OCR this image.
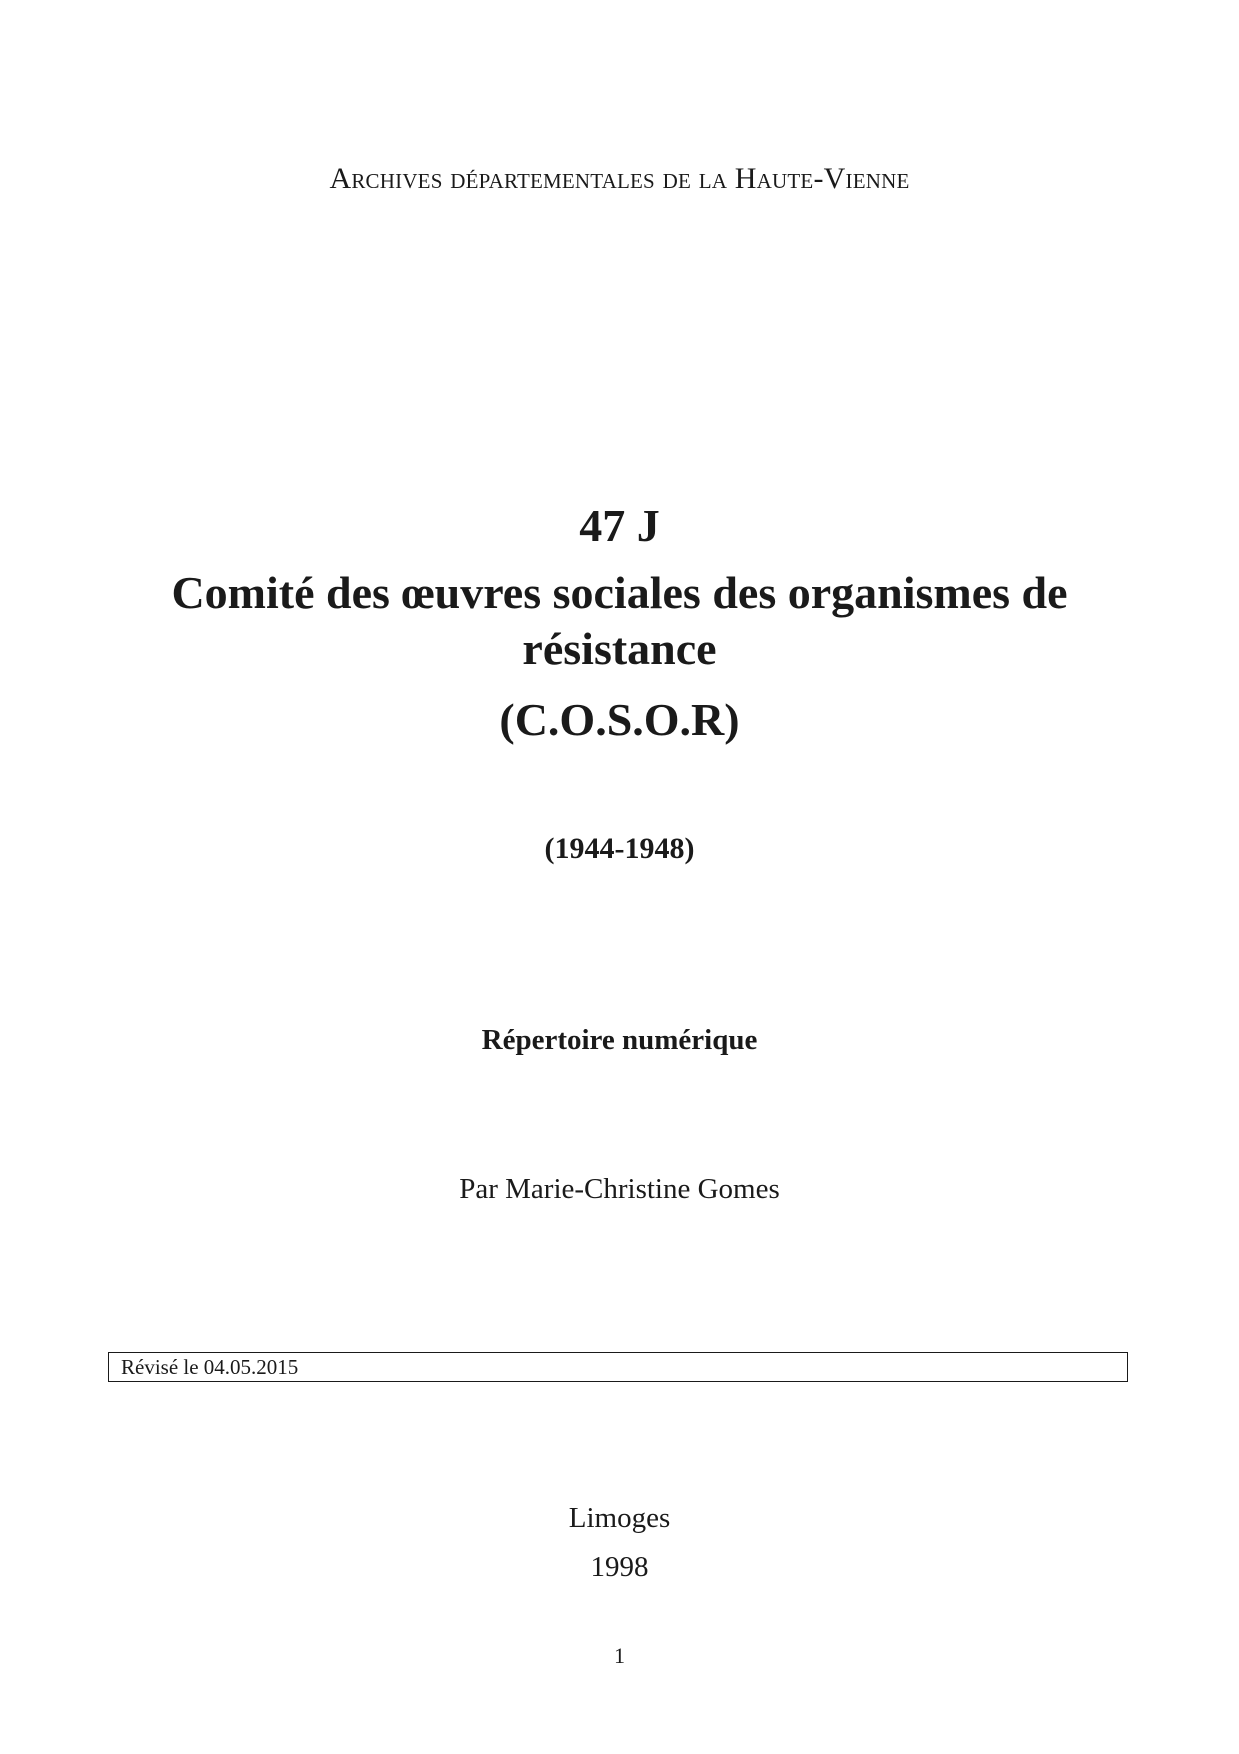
Archives départementales de la Haute-Vienne

47 J
Comité des œuvres sociales des organismes de résistance
(C.O.S.O.R)

(1944-1948)

Répertoire numérique

Par Marie-Christine Gomes

Révisé le 04.05.2015

Limoges

1998

1
